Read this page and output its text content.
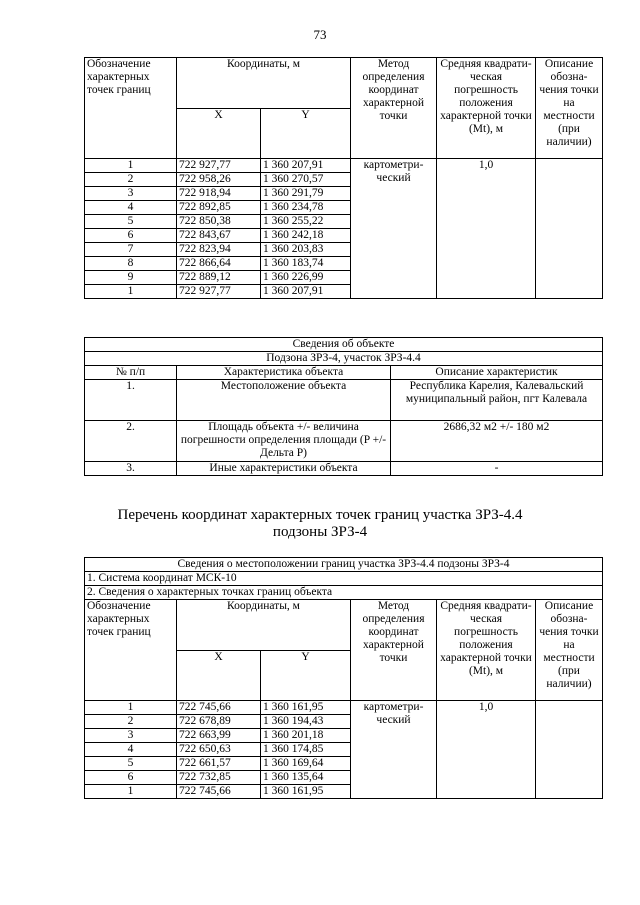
73
Обозначение характерных точек границ	Координаты, м		Метод определения координат характерной точки	Средняя квадрати-ческая погрешность положения характерной точки (Mt), м	Описание обозна-чения точки на местности (при наличии)
	X	Y			
1	722 927,77	1 360 207,91	картометри-ческий	1,0	
2	722 958,26	1 360 270,57			
3	722 918,94	1 360 291,79			
4	722 892,85	1 360 234,78			
5	722 850,38	1 360 255,22			
6	722 843,67	1 360 242,18			
7	722 823,94	1 360 203,83			
8	722 866,64	1 360 183,74			
9	722 889,12	1 360 226,99			
1	722 927,77	1 360 207,91			
Сведения об объекте		
Подзона ЗРЗ-4, участок ЗРЗ-4.4		
№ п/п	Характеристика объекта	Описание характеристик
1.	Местоположение объекта	Республика Карелия, Калевальский муниципальный район, пгт Калевала
2.	Площадь объекта +/- величина погрешности определения площади (P +/- Дельта P)	2686,32 м2 +/- 180 м2
3.	Иные характеристики объекта	-
Перечень координат характерных точек границ участка ЗРЗ-4.4
подзоны ЗРЗ-4
Сведения о местоположении границ участка ЗРЗ-4.4 подзоны ЗРЗ-4					
1. Система координат МСК-10					
2. Сведения о характерных точках границ объекта					
Обозначение характерных точек границ	Координаты, м		Метод определения координат характерной точки	Средняя квадрати-ческая погрешность положения характерной точки (Mt), м	Описание обозна-чения точки на местности (при наличии)
	X	Y			
1	722 745,66	1 360 161,95	картометри-ческий	1,0	
2	722 678,89	1 360 194,43			
3	722 663,99	1 360 201,18			
4	722 650,63	1 360 174,85			
5	722 661,57	1 360 169,64			
6	722 732,85	1 360 135,64			
1	722 745,66	1 360 161,95			
